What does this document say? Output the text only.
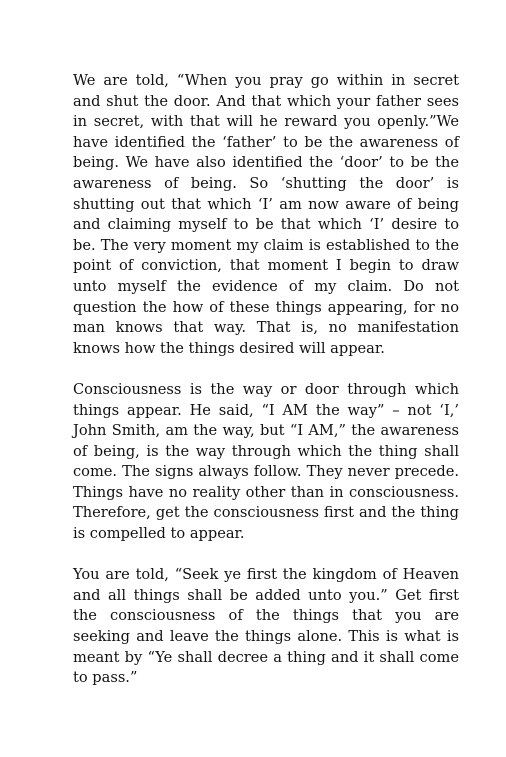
We are told, “When you pray go within in secret and shut the door. And that which your father sees in secret, with that will he reward you openly.”We have identified the ‘father’ to be the awareness of being. We have also identified the ‘door’ to be the awareness of being. So ‘shutting the door’ is shutting out that which ‘I’ am now aware of being and claiming myself to be that which ‘I’ desire to be. The very moment my claim is established to the point of conviction, that moment I begin to draw unto myself the evidence of my claim. Do not question the how of these things appearing, for no man knows that way. That is, no manifestation knows how the things desired will appear.

Consciousness is the way or door through which things appear. He said, “I AM the way” – not ‘I,’ John Smith, am the way, but “I AM,” the awareness of being, is the way through which the thing shall come. The signs always follow. They never precede. Things have no reality other than in consciousness. Therefore, get the consciousness first and the thing is compelled to appear.

You are told, “Seek ye first the kingdom of Heaven and all things shall be added unto you.” Get first the consciousness of the things that you are seeking and leave the things alone. This is what is meant by “Ye shall decree a thing and it shall come to pass.”
